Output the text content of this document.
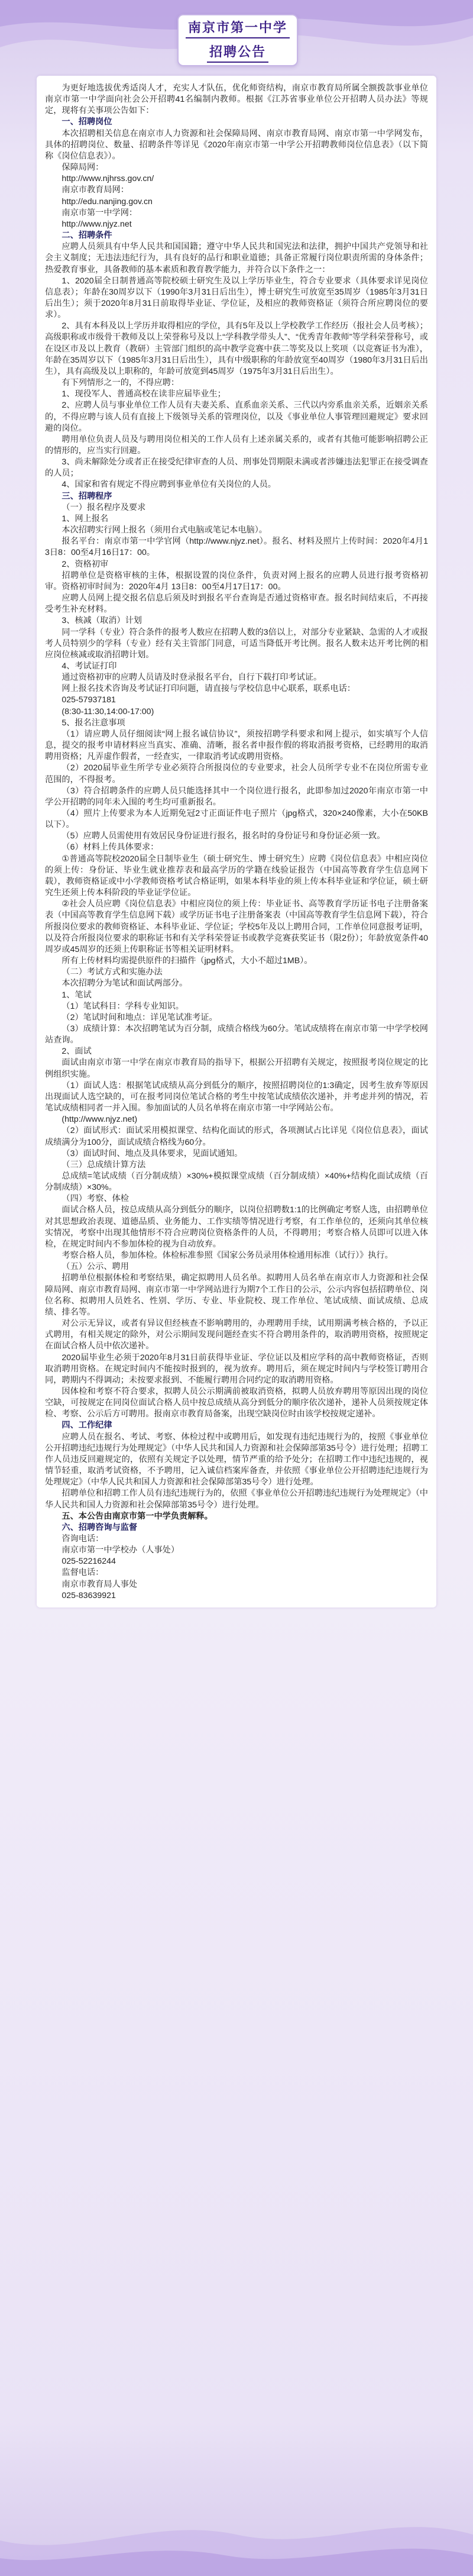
南京市第一中学
招聘公告

为更好地选拔优秀适岗人才，充实人才队伍，优化师资结构，南京市教育局所属全额拨款事业单位南京市第一中学面向社会公开招聘41名编制内教师。根据《江苏省事业单位公开招聘人员办法》等规定，现将有关事项公告如下：

一、招聘岗位

本次招聘相关信息在南京市人力资源和社会保障局网、南京市教育局网、南京市第一中学网发布，具体的招聘岗位、数量、招聘条件等详见《2020年南京市第一中学公开招聘教师岗位信息表》（以下简称《岗位信息表》）。

保障局网：

http://www.njhrss.gov.cn/

南京市教育局网：

http://edu.nanjing.gov.cn

南京市第一中学网：

http://www.njyz.net

二、招聘条件

应聘人员须具有中华人民共和国国籍；遵守中华人民共和国宪法和法律，拥护中国共产党领导和社会主义制度；无违法违纪行为，具有良好的品行和职业道德；具备正常履行岗位职责所需的身体条件；热爱教育事业，具备教师的基本素质和教育教学能力，并符合以下条件之一：

1、2020届全日制普通高等院校硕士研究生及以上学历毕业生，符合专业要求（具体要求详见岗位信息表）；年龄在30周岁以下（1990年3月31日后出生），博士研究生可放宽至35周岁（1985年3月31日后出生）；须于2020年8月31日前取得毕业证、学位证，及相应的教师资格证（须符合所应聘岗位的要求）。

2、具有本科及以上学历并取得相应的学位，具有5年及以上学校教学工作经历（报社会人员考核）；高级职称或市级骨干教师及以上荣誉称号及以上“学科教学带头人”、“优秀青年教师”等学科荣誉称号，或在设区市及以上教育（教研）主管部门组织的高中教学竞赛中获二等奖及以上奖项（以竞赛证书为准），年龄在35周岁以下（1985年3月31日后出生），具有中级职称的年龄放宽至40周岁（1980年3月31日后出生），具有高级及以上职称的，年龄可放宽到45周岁（1975年3月31日后出生）。

有下列情形之一的，不得应聘：

1、现役军人、普通高校在读非应届毕业生；

2、应聘人员与事业单位工作人员有夫妻关系、直系血亲关系、三代以内旁系血亲关系，近姻亲关系的，不得应聘与该人员有直接上下级领导关系的管理岗位，以及《事业单位人事管理回避规定》要求回避的岗位。

聘用单位负责人员及与聘用岗位相关的工作人员有上述亲属关系的，或者有其他可能影响招聘公正的情形的，应当实行回避。

3、尚未解除处分或者正在接受纪律审查的人员、刑事处罚期限未满或者涉嫌违法犯罪正在接受调查的人员；

4、国家和省有规定不得应聘到事业单位有关岗位的人员。

三、招聘程序

（一）报名程序及要求

1、网上报名

本次招聘实行网上报名（须用台式电脑或笔记本电脑）。

报名平台：南京市第一中学官网（http://www.njyz.net）。报名、材料及照片上传时间：2020年4月13日8：00至4月16日17：00。

2、资格初审

招聘单位是资格审核的主体，根据设置的岗位条件，负责对网上报名的应聘人员进行报考资格初审。资格初审时间为：2020年4月 13日8：00至4月17日17：00。

应聘人员网上提交报名信息后须及时到报名平台查询是否通过资格审查。报名时间结束后，不再接受考生补充材料。

3、核减（取消）计划

同一学科（专业）符合条件的报考人数应在招聘人数的3倍以上，对部分专业紧缺、急需的人才或报考人员特别少的学科（专业）经有关主管部门同意，可适当降低开考比例。报名人数未达开考比例的相应岗位核减或取消招聘计划。

4、考试证打印

通过资格初审的应聘人员请及时登录报名平台，自行下载打印考试证。

网上报名技术咨询及考试证打印问题，请直接与学校信息中心联系，联系电话：

025-57937181

(8:30-11:30,14:00-17:00)

5、报名注意事项

（1）请应聘人员仔细阅读“网上报名诚信协议”，须按招聘学科要求和网上提示，如实填写个人信息，提交的报考申请材料应当真实、准确、清晰，报名者申报作假的将取消报考资格，已经聘用的取消聘用资格；凡弄虚作假者，一经查实，一律取消考试或聘用资格。

（2）2020届毕业生所学专业必须符合所报岗位的专业要求，社会人员所学专业不在岗位所需专业范围的，不得报考。

（3）符合招聘条件的应聘人员只能选择其中一个岗位进行报名，此即参加过2020年南京市第一中学公开招聘的同年未入围的考生均可重新报名。

（4）照片上传要求为本人近期免冠2寸正面证件电子照片（jpg格式，320×240像素，大小在50KB以下）。

（5）应聘人员需使用有效居民身份证进行报名，报名时的身份证号和身份证必须一致。

（6）材料上传具体要求：

①普通高等院校2020届全日制毕业生（硕士研究生、博士研究生）应聘《岗位信息表》中相应岗位的须上传：身份证、毕业生就业推荐表和最高学历的学籍在线验证报告（中国高等教育学生信息网下载），教师资格证或中小学教师资格考试合格证明，如果本科毕业的须上传本科毕业证和学位证，硕士研究生还须上传本科阶段的毕业证学位证。

②社会人员应聘《岗位信息表》中相应岗位的须上传：毕业证书、高等教育学历证书电子注册备案表（中国高等教育学生信息网下载）或学历证书电子注册备案表（中国高等教育学生信息网下载），符合所报岗位要求的教师资格证、本科毕业证、学位证；学校5年及以上聘用合同，工作单位同意报考证明，以及符合所报岗位要求的职称证书和有关学科荣誉证书或教学竞赛获奖证书（限2份）；年龄放宽条件40周岁或45周岁的还须上传职称证书等相关证明材料。

所有上传材料均需提供原件的扫描件（jpg格式，大小不超过1MB）。

（二）考试方式和实施办法

本次招聘分为笔试和面试两部分。

1、笔试

（1）笔试科目：学科专业知识。

（2）笔试时间和地点：详见笔试准考证。

（3）成绩计算：本次招聘笔试为百分制，成绩合格线为60分。笔试成绩将在南京市第一中学学校网站查询。

2、面试

面试由南京市第一中学在南京市教育局的指导下，根据公开招聘有关规定，按照报考岗位规定的比例组织实施。

（1）面试人选：根据笔试成绩从高分到低分的顺序，按照招聘岗位的1:3确定，因考生放弃等原因出现面试人选空缺的，可在报考同岗位笔试合格的考生中按笔试成绩依次递补，并考虑并列的情况，若笔试成绩相同者一并入围。参加面试的人员名单将在南京市第一中学网站公布。

(http://www.njyz.net)

（2）面试形式：面试采用模拟课堂、结构化面试的形式，各项测试占比详见《岗位信息表》，面试成绩满分为100分，面试成绩合格线为60分。

（3）面试时间、地点及具体要求，见面试通知。

（三）总成绩计算方法

总成绩=笔试成绩（百分制成绩）×30%+模拟课堂成绩（百分制成绩）×40%+结构化面试成绩（百分制成绩）×30%。

（四）考察、体检

面试合格人员，按总成绩从高分到低分的顺序，以岗位招聘数1:1的比例确定考察人选，由招聘单位对其思想政治表现、道德品质、业务能力、工作实绩等情况进行考察，有工作单位的，还须向其单位核实情况，考察中出现其他情形不符合应聘岗位资格条件的人员，不得聘用；考察合格人员即可以进入体检，在规定时间内不参加体检的视为自动放弃。

考察合格人员，参加体检。体检标准参照《国家公务员录用体检通用标准（试行）》执行。

（五）公示、聘用

招聘单位根据体检和考察结果，确定拟聘用人员名单。拟聘用人员名单在南京市人力资源和社会保障局网、南京市教育局网、南京市第一中学网站进行为期7个工作日的公示，公示内容包括招聘单位、岗位名称、拟聘用人员姓名、性别、学历、专业、毕业院校、现工作单位、笔试成绩、面试成绩、总成绩、排名等。

对公示无异议，或者有异议但经核查不影响聘用的，办理聘用手续，试用期满考核合格的，予以正式聘用，有相关规定的除外，对公示期间发现问题经查实不符合聘用条件的，取消聘用资格，按照规定在面试合格人员中依次递补。

2020届毕业生必须于2020年8月31日前获得毕业证、学位证以及相应学科的高中教师资格证，否则取消聘用资格。在规定时间内不能按时报到的，视为放弃。聘用后，须在规定时间内与学校签订聘用合同，聘期内不得调动；未按要求报到、不能履行聘用合同约定的取消聘用资格。

因体检和考察不符合要求，拟聘人员公示期满前被取消资格，拟聘人员放弃聘用等原因出现的岗位空缺，可按规定在同岗位面试合格人员中按总成绩从高分到低分的顺序依次递补，递补人员须按规定体检、考察、公示后方可聘用。报南京市教育局备案，出现空缺岗位时由该学校按规定递补。

四、工作纪律

应聘人员在报名、考试、考察、体检过程中或聘用后，如发现有违纪违规行为的，按照《事业单位公开招聘违纪违规行为处理规定》（中华人民共和国人力资源和社会保障部第35号令）进行处理；招聘工作人员违反回避规定的，依照有关规定予以处理，情节严重的给予处分；在招聘工作中违纪违规的，视情节轻重，取消考试资格，不予聘用，记入诚信档案库备查，并依照《事业单位公开招聘违纪违规行为处理规定》（中华人民共和国人力资源和社会保障部第35号令）进行处理。

招聘单位和招聘工作人员有违纪违规行为的，依照《事业单位公开招聘违纪违规行为处理规定》（中华人民共和国人力资源和社会保障部第35号令）进行处理。

五、本公告由南京市第一中学负责解释。

六、招聘咨询与监督

咨询电话：

南京市第一中学校办（人事处）

025-52216244

监督电话：

南京市教育局人事处

025-83639921
